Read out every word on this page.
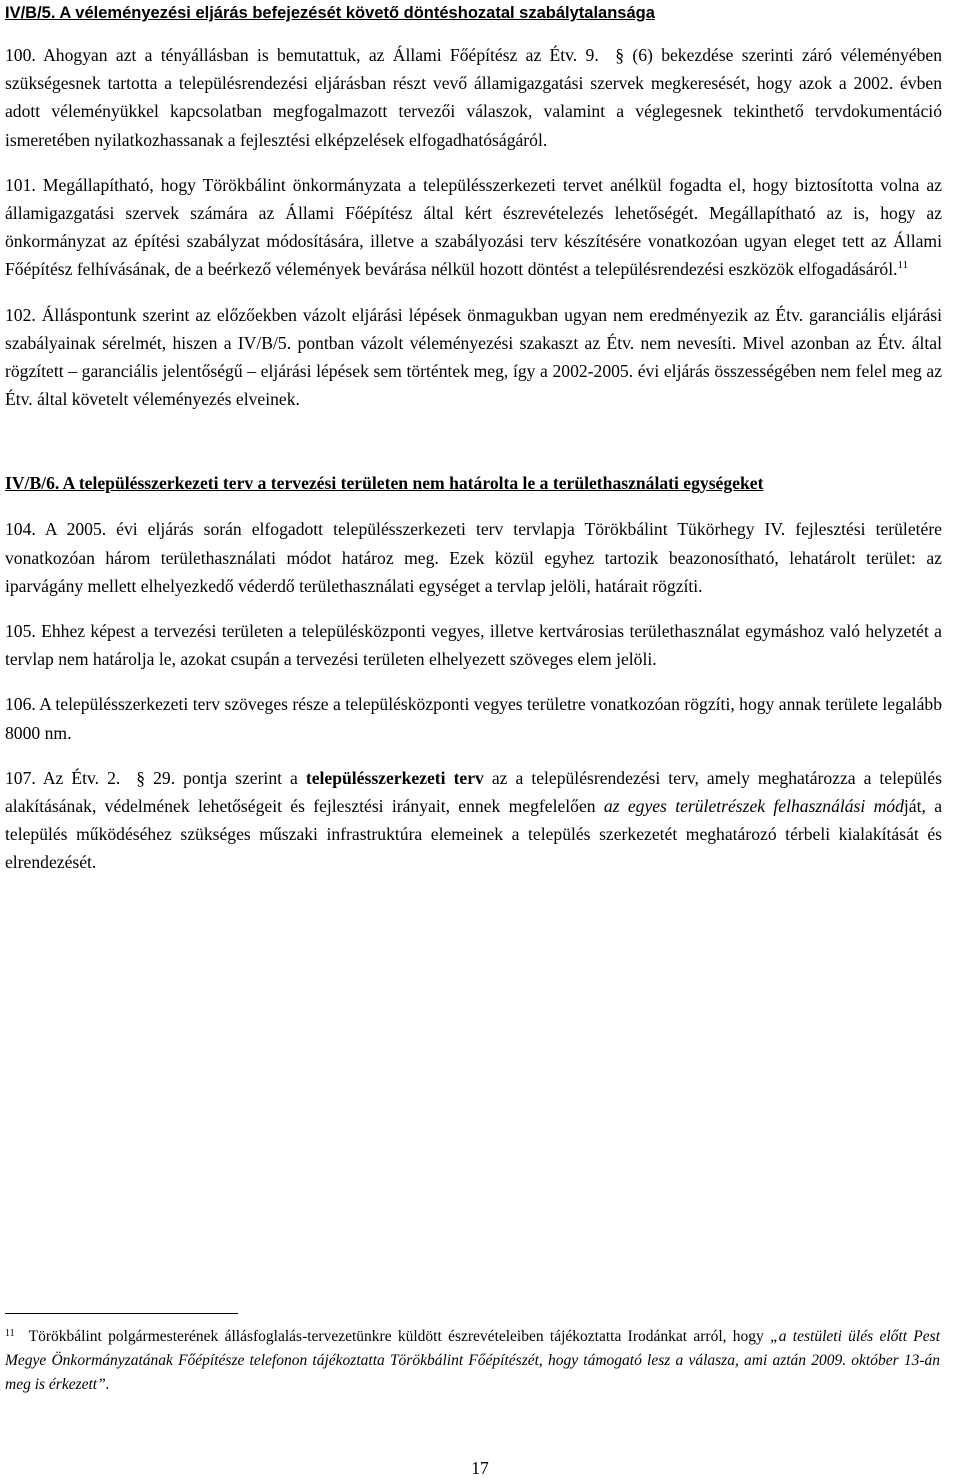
IV/B/5. A véleményezési eljárás befejezését követő döntéshozatal szabálytalansága

100. Ahogyan azt a tényállásban is bemutattuk, az Állami Főépítész az Étv. 9. § (6) bekezdése szerinti záró véleményében szükségesnek tartotta a településrendezési eljárásban részt vevő államigazgatási szervek megkeresését, hogy azok a 2002. évben adott véleményükkel kapcsolatban megfogalmazott tervezői válaszok, valamint a véglegesnek tekinthető tervdokumentáció ismeretében nyilatkozhassanak a fejlesztési elképzelések elfogadhatóságáról.

101. Megállapítható, hogy Törökbálint önkormányzata a településszerkezeti tervet anélkül fogadta el, hogy biztosította volna az államigazgatási szervek számára az Állami Főépítész által kért észrevételezés lehetőségét. Megállapítható az is, hogy az önkormányzat az építési szabályzat módosítására, illetve a szabályozási terv készítésére vonatkozóan ugyan eleget tett az Állami Főépítész felhívásának, de a beérkező vélemények bevárása nélkül hozott döntést a településrendezési eszközök elfogadásáról.$^{11}$

102. Álláspontunk szerint az előzőekben vázolt eljárási lépések önmagukban ugyan nem eredményezik az Étv. garanciális eljárási szabályainak sérelmét, hiszen a IV/B/5. pontban vázolt véleményezési szakaszt az Étv. nem nevesíti. Mivel azonban az Étv. által rögzített – garanciális jelentőségű – eljárási lépések sem történtek meg, így a 2002-2005. évi eljárás összességében nem felel meg az Étv. által követelt véleményezés elveinek.

IV/B/6. A településszerkezeti terv a tervezési területen nem határolta le a területhasználati egységeket

104. A 2005. évi eljárás során elfogadott településszerkezeti terv tervlapja Törökbálint Tükörhegy IV. fejlesztési területére vonatkozóan három területhasználati módot határoz meg. Ezek közül egyhez tartozik beazonosítható, lehatárolt terület: az iparvágány mellett elhelyezkedő véderdő területhasználati egységet a tervlap jelöli, határait rögzíti.

105. Ehhez képest a tervezési területen a településközponti vegyes, illetve kertvárosias területhasználat egymáshoz való helyzetét a tervlap nem határolja le, azokat csupán a tervezési területen elhelyezett szöveges elem jelöli.

106. A településszerkezeti terv szöveges része a településközponti vegyes területre vonatkozóan rögzíti, hogy annak területe legalább 8000 nm.

107. Az Étv. 2. § 29. pontja szerint a településszerkezeti terv az a településrendezési terv, amely meghatározza a település alakításának, védelmének lehetőségeit és fejlesztési irányait, ennek megfelelően az egyes területrészek felhasználási módját, a település működéséhez szükséges műszaki infrastruktúra elemeinek a település szerkezetét meghatározó térbeli kialakítását és elrendezését.

$^{11}$ Törökbálint polgármesterének állásfoglalás-tervezetünkre küldött észrevételeiben tájékoztatta Irodánkat arról, hogy „a testületi ülés előtt Pest Megye Önkormányzatának Főépítésze telefonon tájékoztatta Törökbálint Főépítészét, hogy támogató lesz a válasza, ami aztán 2009. október 13-án meg is érkezett”.
17
